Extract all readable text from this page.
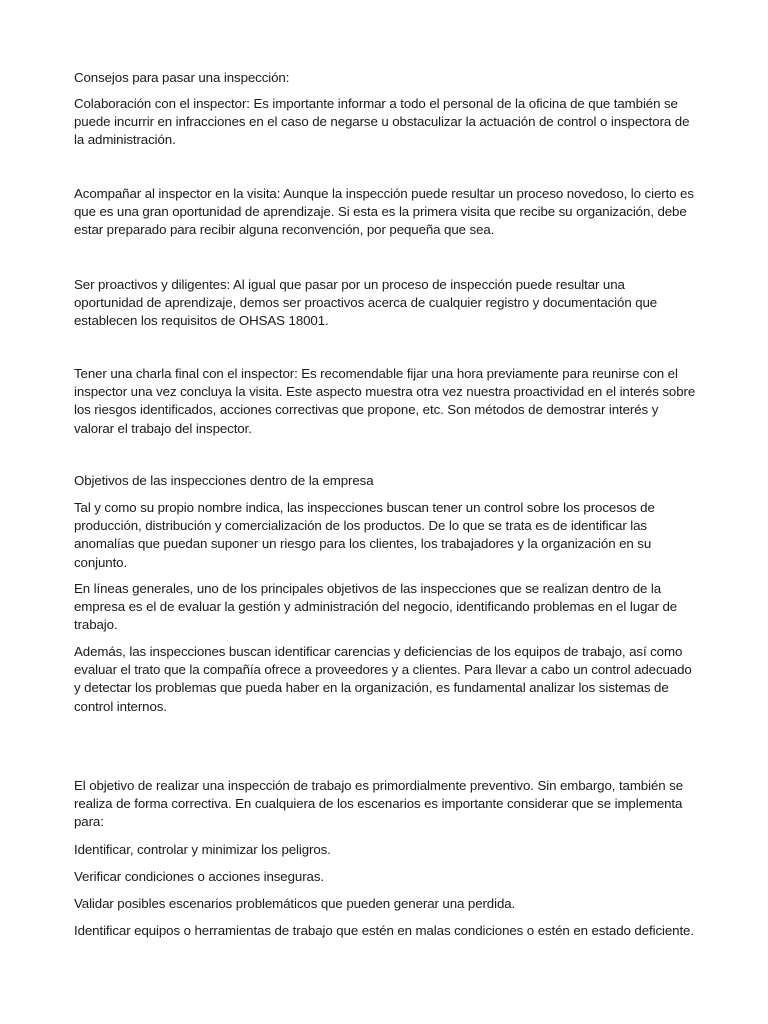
Consejos para pasar una inspección:

Colaboración con el inspector: Es importante informar a todo el personal de la oficina de que también se puede incurrir en infracciones en el caso de negarse u obstaculizar la actuación de control o inspectora de la administración.

Acompañar al inspector en la visita: Aunque la inspección puede resultar un proceso novedoso, lo cierto es que es una gran oportunidad de aprendizaje. Si esta es la primera visita que recibe su organización, debe estar preparado para recibir alguna reconvención, por pequeña que sea.

Ser proactivos y diligentes: Al igual que pasar por un proceso de inspección puede resultar una oportunidad de aprendizaje, demos ser proactivos acerca de cualquier registro y documentación que establecen los requisitos de OHSAS 18001.

Tener una charla final con el inspector: Es recomendable fijar una hora previamente para reunirse con el inspector una vez concluya la visita. Este aspecto muestra otra vez nuestra proactividad en el interés sobre los riesgos identificados, acciones correctivas que propone, etc. Son métodos de demostrar interés y valorar el trabajo del inspector.

Objetivos de las inspecciones dentro de la empresa

Tal y como su propio nombre indica, las inspecciones buscan tener un control sobre los procesos de producción, distribución y comercialización de los productos. De lo que se trata es de identificar las anomalías que puedan suponer un riesgo para los clientes, los trabajadores y la organización en su conjunto.

En líneas generales, uno de los principales objetivos de las inspecciones que se realizan dentro de la empresa es el de evaluar la gestión y administración del negocio, identificando problemas en el lugar de trabajo.

Además, las inspecciones buscan identificar carencias y deficiencias de los equipos de trabajo, así como evaluar el trato que la compañía ofrece a proveedores y a clientes. Para llevar a cabo un control adecuado y detectar los problemas que pueda haber en la organización, es fundamental analizar los sistemas de control internos.

El objetivo de realizar una inspección de trabajo es primordialmente preventivo. Sin embargo, también se realiza de forma correctiva. En cualquiera de los escenarios es importante considerar que se implementa para:

Identificar, controlar y minimizar los peligros.

Verificar condiciones o acciones inseguras.

Validar posibles escenarios problemáticos que pueden generar una perdida.

Identificar equipos o herramientas de trabajo que estén en malas condiciones o estén en estado deficiente.
